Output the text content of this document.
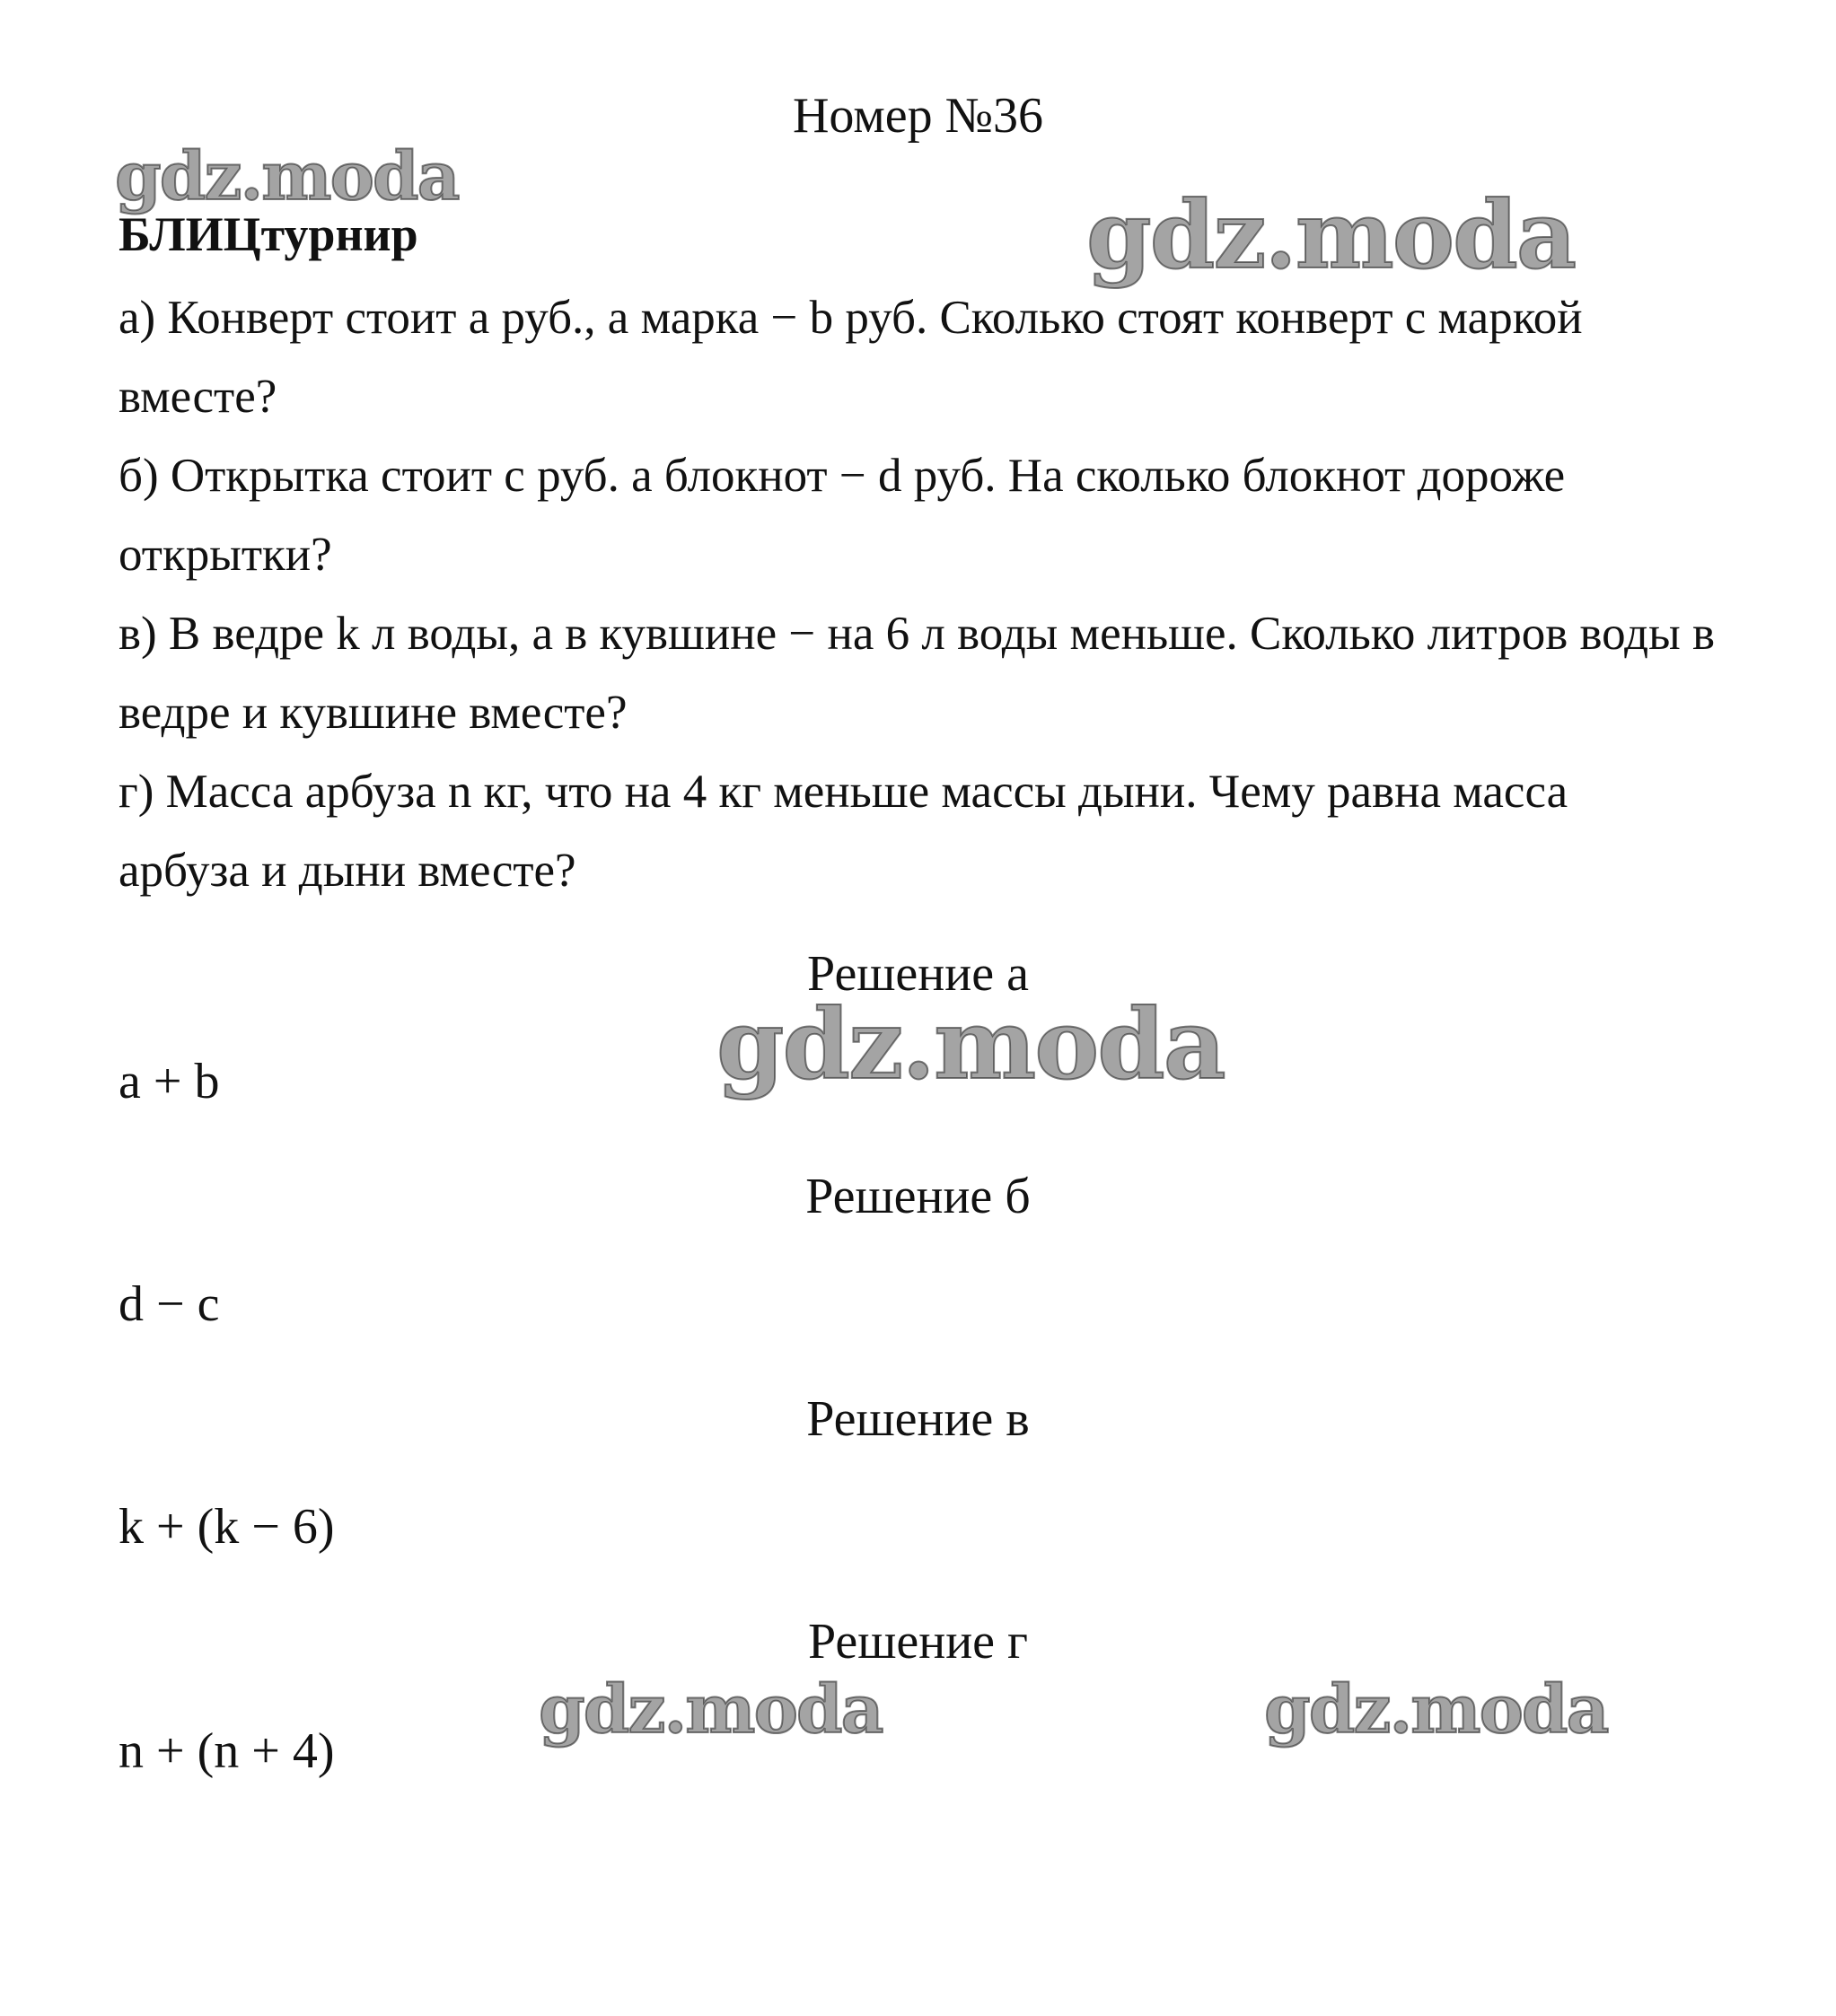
Номер №36
БЛИЦтурнир

а) Конверт стоит a руб., а марка − b руб. Сколько стоят конверт с маркой вместе?

б) Открытка стоит c руб. а блокнот − d руб. На сколько блокнот дороже открытки?

в) В ведре k л воды, а в кувшине − на 6 л воды меньше. Сколько литров воды в ведре и кувшине вместе?

г) Масса арбуза n кг, что на 4 кг меньше массы дыни. Чему равна масса арбуза и дыни вместе?

Решение а
a + b
Решение б
d − c
Решение в
k + (k − 6)
Решение г
n + (n + 4)
gdz.moda
gdz.moda
gdz.moda
gdz.moda	gdz.moda
